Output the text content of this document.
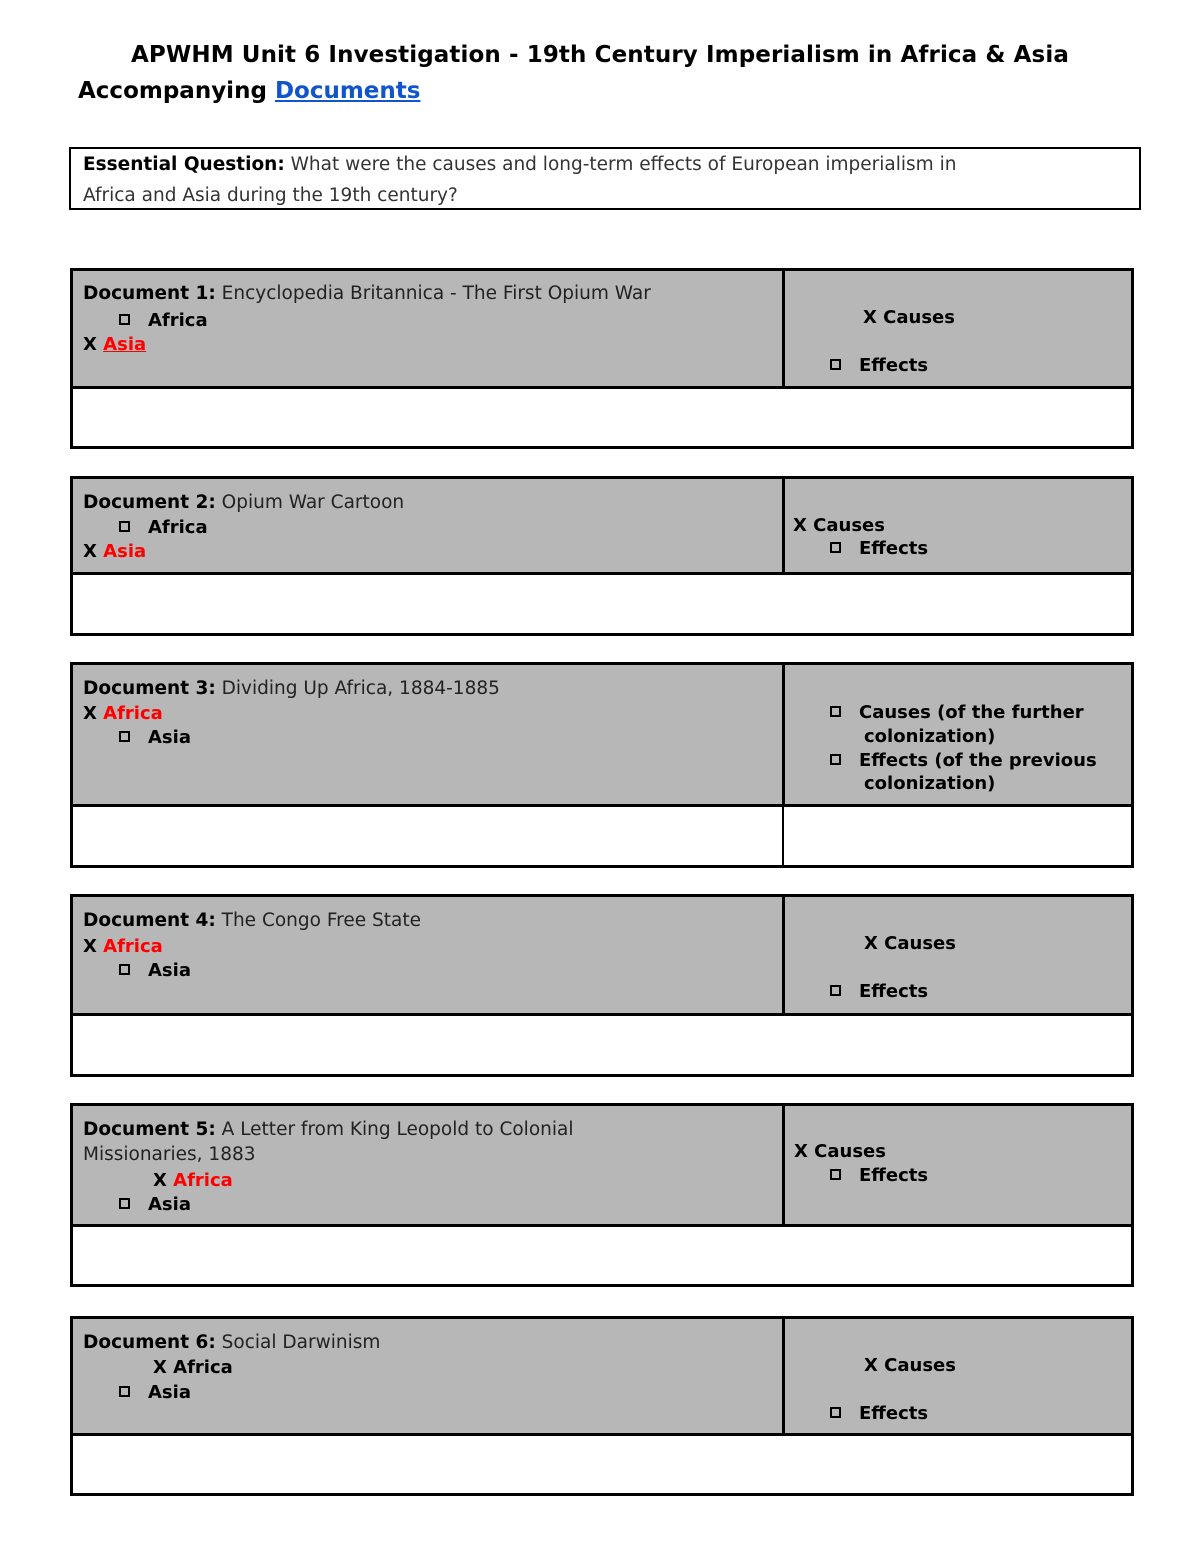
APWHM Unit 6 Investigation - 19th Century Imperialism in Africa & Asia
Accompanying Documents
Essential Question: What were the causes and long-term effects of European imperialism in
Africa and Asia during the 19th century?
Document 1: Encyclopedia Britannica - The First Opium War
Africa
X Asia
X Causes
Effects
Document 2: Opium War Cartoon
Africa
X Asia
X Causes
Effects
Document 3: Dividing Up Africa, 1884-1885
X Africa
Asia
Causes (of the further
colonization)
Effects (of the previous
colonization)
Document 4: The Congo Free State
X Africa
Asia
X Causes
Effects
Document 5: A Letter from King Leopold to Colonial
Missionaries, 1883
X Africa
Asia
X Causes
Effects
Document 6: Social Darwinism
X Africa
Asia
X Causes
Effects
